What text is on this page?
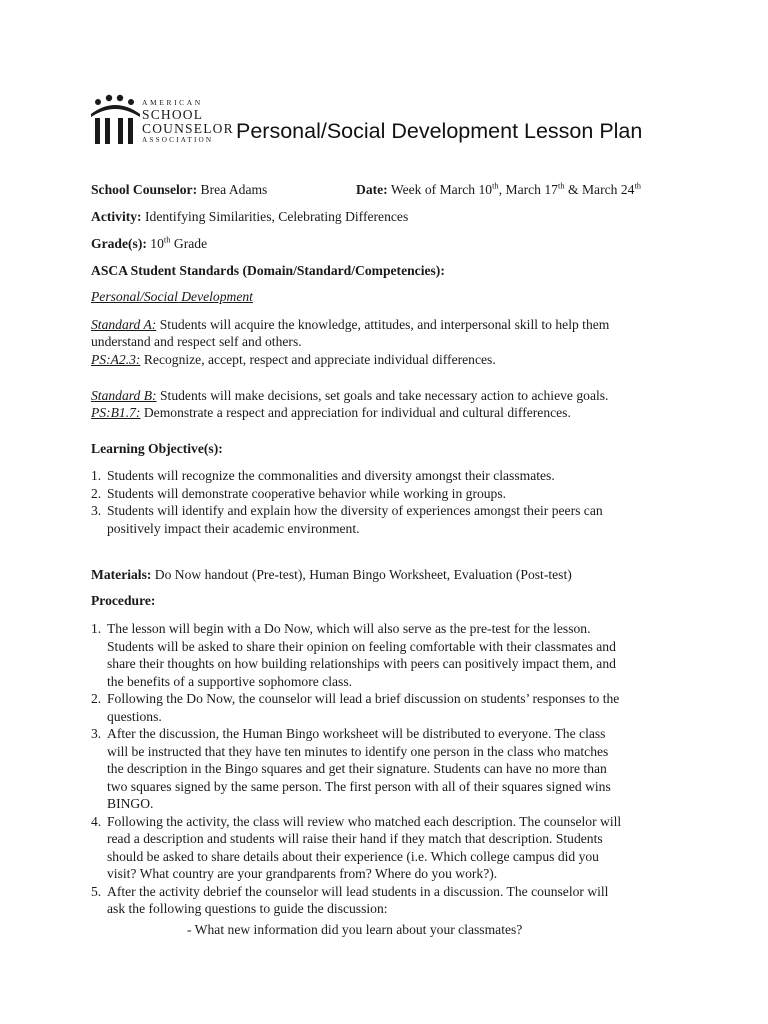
AMERICAN
SCHOOL
COUNSELOR
ASSOCIATION	Personal/Social Development Lesson Plan
School Counselor: Brea Adams	Date: Week of March 10th, March 17th & March 24th
Activity: Identifying Similarities, Celebrating Differences
Grade(s): 10th Grade
ASCA Student Standards (Domain/Standard/Competencies):
Personal/Social Development
Standard A: Students will acquire the knowledge, attitudes, and interpersonal skill to help them
understand and respect self and others.
PS:A2.3: Recognize, accept, respect and appreciate individual differences.
Standard B: Students will make decisions, set goals and take necessary action to achieve goals.
PS:B1.7: Demonstrate a respect and appreciation for individual and cultural differences.
Learning Objective(s):
1. Students will recognize the commonalities and diversity amongst their classmates.
2. Students will demonstrate cooperative behavior while working in groups.
3. Students will identify and explain how the diversity of experiences amongst their peers can
positively impact their academic environment.
Materials: Do Now handout (Pre-test), Human Bingo Worksheet, Evaluation (Post-test)
Procedure:
1. The lesson will begin with a Do Now, which will also serve as the pre-test for the lesson.
Students will be asked to share their opinion on feeling comfortable with their classmates and
share their thoughts on how building relationships with peers can positively impact them, and
the benefits of a supportive sophomore class.
2. Following the Do Now, the counselor will lead a brief discussion on students’ responses to the
questions.
3. After the discussion, the Human Bingo worksheet will be distributed to everyone. The class
will be instructed that they have ten minutes to identify one person in the class who matches
the description in the Bingo squares and get their signature. Students can have no more than
two squares signed by the same person. The first person with all of their squares signed wins
BINGO.
4. Following the activity, the class will review who matched each description. The counselor will
read a description and students will raise their hand if they match that description. Students
should be asked to share details about their experience (i.e. Which college campus did you
visit? What country are your grandparents from? Where do you work?).
5. After the activity debrief the counselor will lead students in a discussion. The counselor will
ask the following questions to guide the discussion:
- What new information did you learn about your classmates?
